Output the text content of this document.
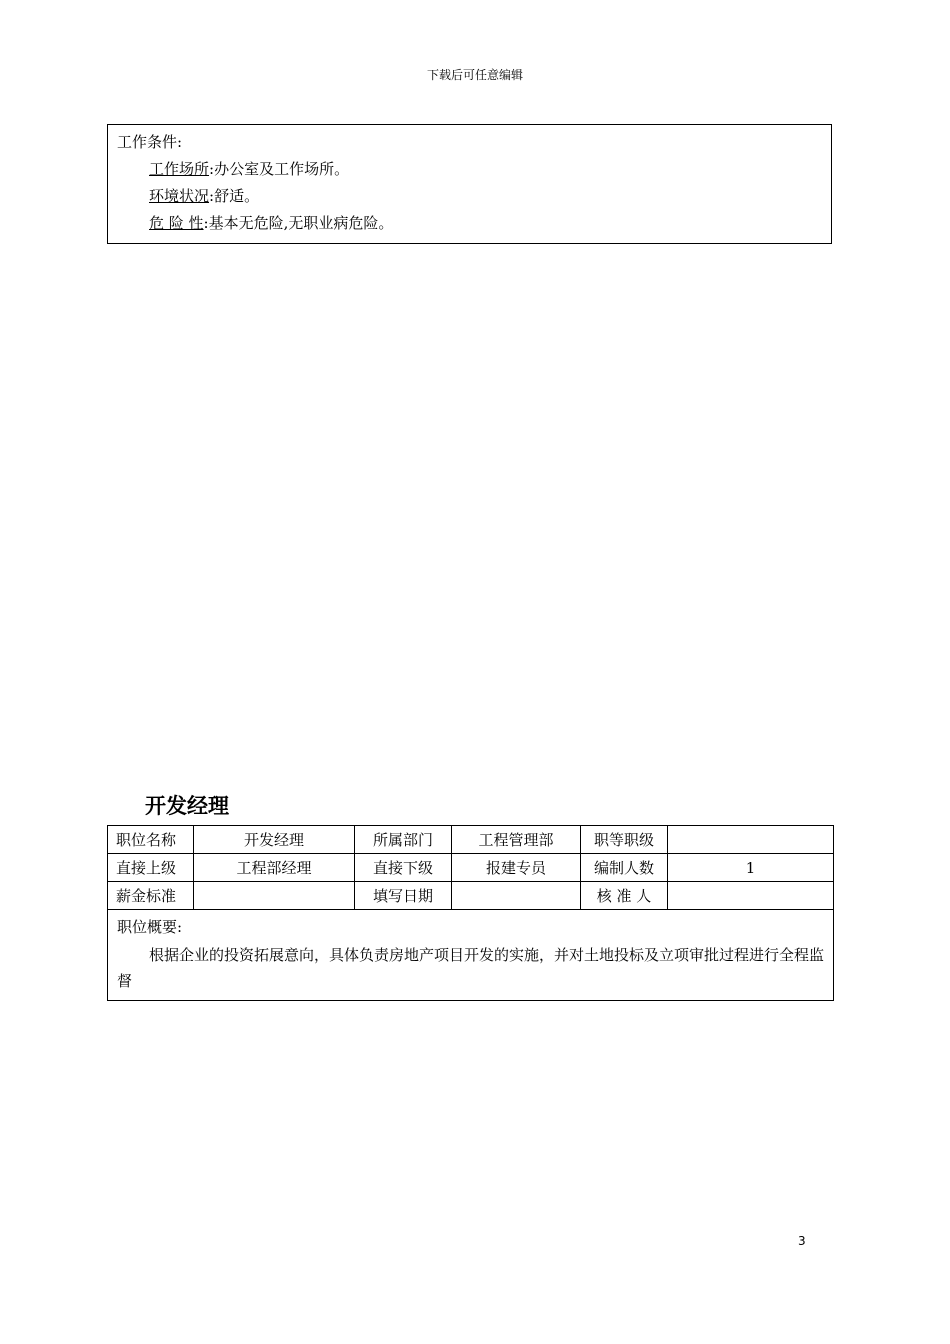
下载后可任意编辑
工作条件:
工作场所:办公室及工作场所。
环境状况:舒适。
危 险 性:基本无危险,无职业病危险。
开发经理
职位名称	开发经理	所属部门	工程管理部	职等职级	
直接上级	工程部经理	直接下级	报建专员	编制人数	1
薪金标准		填写日期		核 准 人	

职位概要:
根据企业的投资拓展意向，具体负责房地产项目开发的实施，并对土地投标及立项审批过程进行全程监督					
3
